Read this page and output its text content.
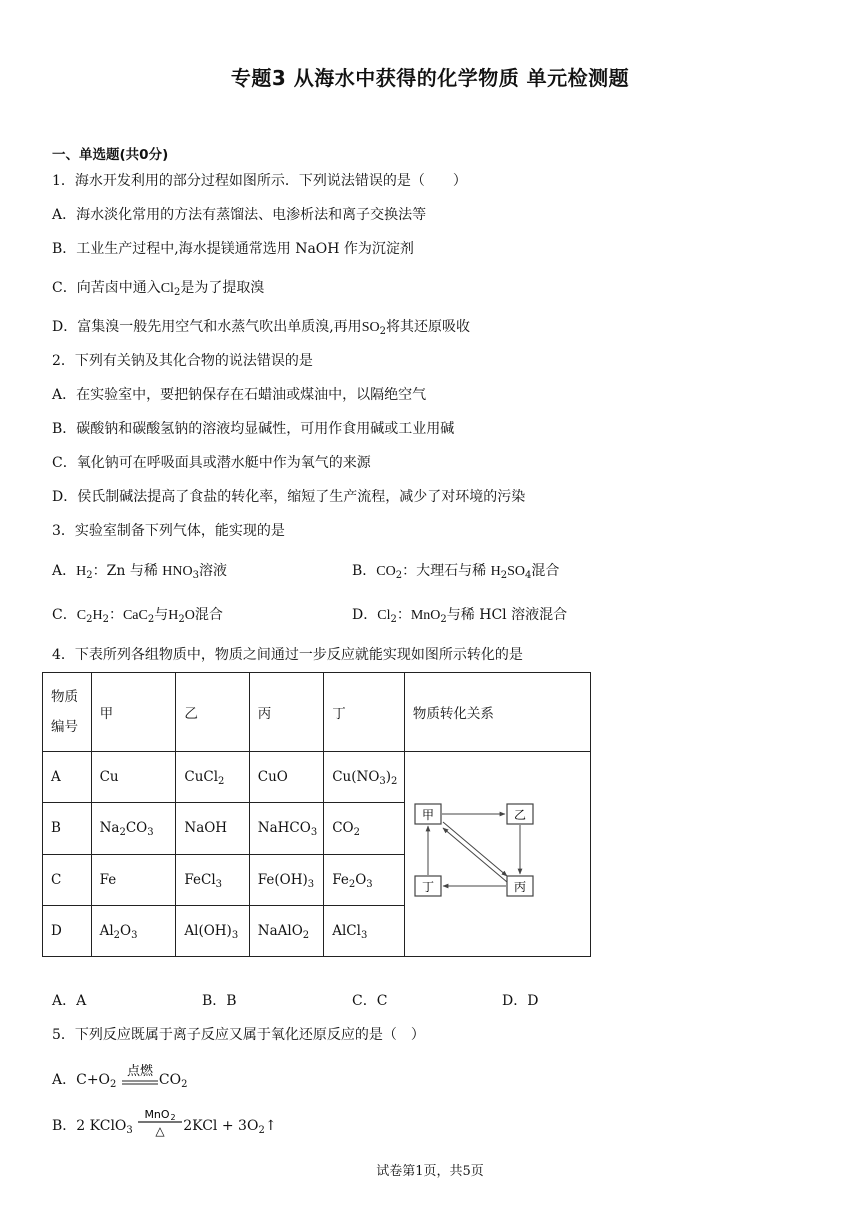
专题3 从海水中获得的化学物质 单元检测题
一、单选题(共0分)
1．海水开发利用的部分过程如图所示．下列说法错误的是（　　）
A．海水淡化常用的方法有蒸馏法、电渗析法和离子交换法等
B．工业生产过程中,海水提镁通常选用 NaOH 作为沉淀剂
C．向苦卤中通入$Cl_2$是为了提取溴
D．富集溴一般先用空气和水蒸气吹出单质溴,再用$SO_2$将其还原吸收
2．下列有关钠及其化合物的说法错误的是
A．在实验室中，要把钠保存在石蜡油或煤油中，以隔绝空气
B．碳酸钠和碳酸氢钠的溶液均显碱性，可用作食用碱或工业用碱
C．氧化钠可在呼吸面具或潜水艇中作为氧气的来源
D．侯氏制碱法提高了食盐的转化率，缩短了生产流程，减少了对环境的污染
3．实验室制备下列气体，能实现的是
A．$H_2$：Zn 与稀 $HNO_3$溶液	B．$CO_2$：大理石与稀 $H_2SO_4$混合
C．$C_2H_2$：CaC$_2$与$H_2O$混合	D．$Cl_2$：MnO$_2$与稀 HCl 溶液混合
4．下表所列各组物质中，物质之间通过一步反应就能实现如图所示转化的是
物质
编号	甲	乙	丙	丁	物质转化关系
A	Cu	CuCl$_2$	CuO	$Cu(NO_3)_2$	甲 乙
丙
丁

B	$Na_2CO_3$	NaOH	NaHCO$_3$	$CO_2$
C	Fe	FeCl$_3$	$Fe(OH)_3$	$Fe_2O_3$
D	$Al_2O_3$	$Al(OH)_3$	NaAlO$_2$	AlCl$_3$
A．A	B．B	C．C	D．D
5．下列反应既属于离子反应又属于氧化还原反应的是（　）
A．$C+O_2$
点燃
$CO_2$
B．2 KClO$_3$
MnO 2
△ $2KCl + 3O_2↑$
试卷第1页，共5页
